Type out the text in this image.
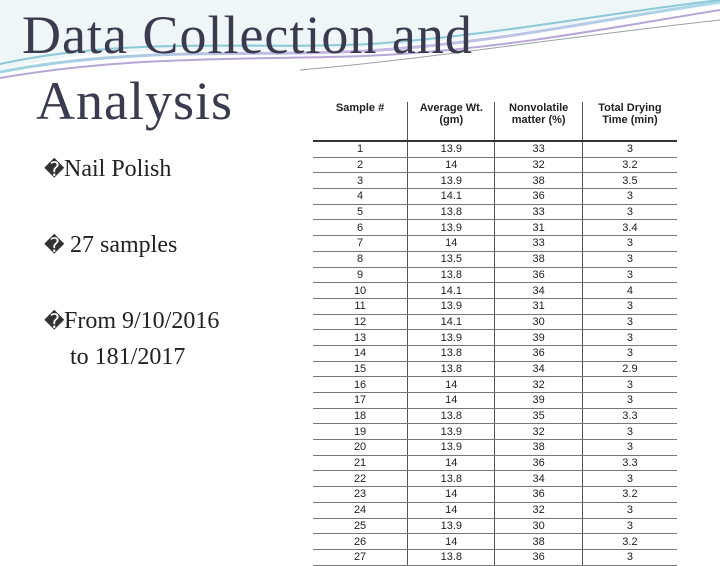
Data Collection and
Analysis
�Nail Polish
� 27 samples
�From 9/10/2016
to 181/2017
Sample #	Average Wt. (gm)	Nonvolatile matter (%)	Total Drying Time (min)
1	13.9	33	3
2	14	32	3.2
3	13.9	38	3.5
4	14.1	36	3
5	13.8	33	3
6	13.9	31	3.4
7	14	33	3
8	13.5	38	3
9	13.8	36	3
10	14.1	34	4
11	13.9	31	3
12	14.1	30	3
13	13.9	39	3
14	13.8	36	3
15	13.8	34	2.9
16	14	32	3
17	14	39	3
18	13.8	35	3.3
19	13.9	32	3
20	13.9	38	3
21	14	36	3.3
22	13.8	34	3
23	14	36	3.2
24	14	32	3
25	13.9	30	3
26	14	38	3.2
27	13.8	36	3
